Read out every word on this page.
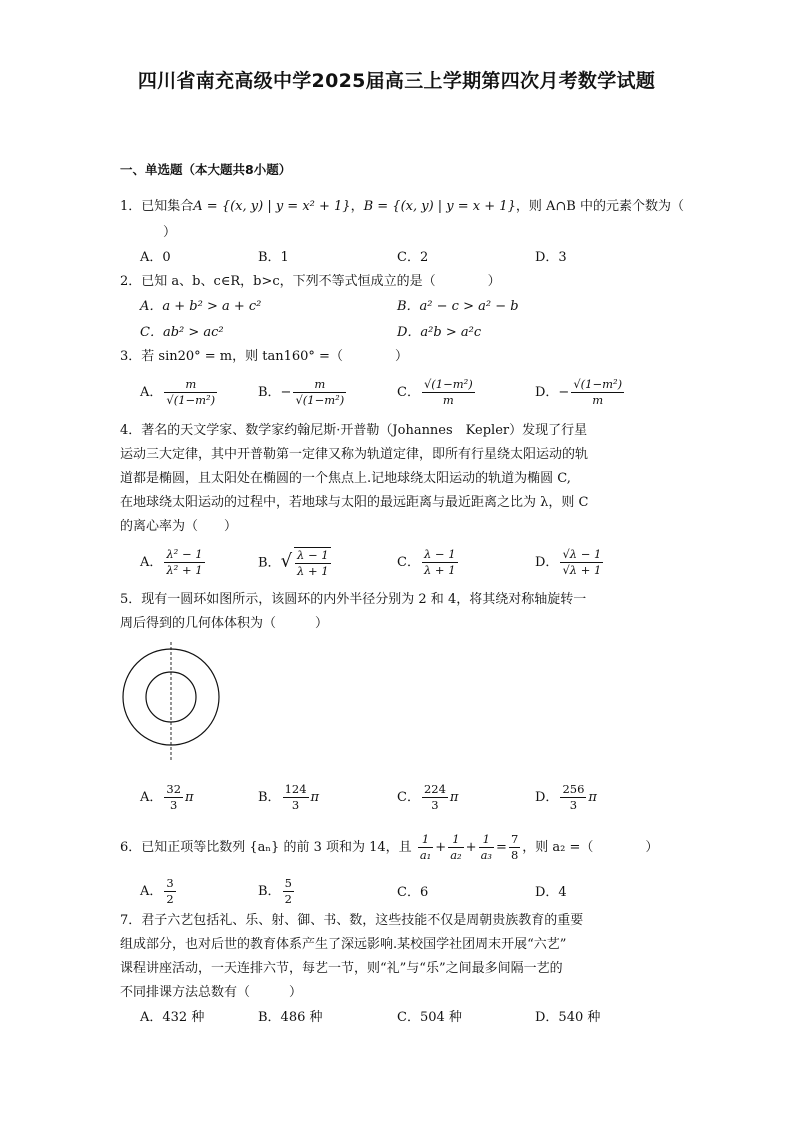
四川省南充高级中学2025届高三上学期第四次月考数学试题
一、单选题（本大题共8小题）
1．已知集合A = {(x, y) | y = x² + 1}，B = {(x, y) | y = x + 1}，则 A∩B 中的元素个数为（
）
A．0	B．1	C．2	D．3
2．已知 a、b、c∈R，b>c，下列不等式恒成立的是（　　　　）
A．a + b² > a + c²	B．a² − c > a² − b
C．ab² > ac²	D．a²b > a²c
3．若 sin20° = m，则 tan160° =（　　　　）
A． $\frac{m}{\text{√(1−m²)}}$	B．− $\frac{m}{\text{√(1−m²)}}$	C． $\frac{\text{√(1−m²)}}{m}$	D．− $\frac{\text{√(1−m²)}}{m}$
4．著名的天文学家、数学家约翰尼斯·开普勒（Johannes　Kepler）发现了行星
运动三大定律，其中开普勒第一定律又称为轨道定律，即所有行星绕太阳运动的轨
道都是椭圆，且太阳处在椭圆的一个焦点上.记地球绕太阳运动的轨道为椭圆 C,
在地球绕太阳运动的过程中，若地球与太阳的最远距离与最近距离之比为 λ，则 C
的离心率为（　　）
A． $\frac{\text{λ² − 1}}{\text{λ² + 1}}$	B．√ $\frac{\lambda - 1}{\lambda + 1}$	C． $\frac{\lambda - 1}{\lambda + 1}$	D． $\frac{√\lambda - 1}{√\lambda + 1}$
5．现有一圆环如图所示，该圆环的内外半径分别为 2 和 4，将其绕对称轴旋转一
周后得到的几何体体积为（　　　）
A． $\frac{32}{3}$ π	B． $\frac{124}{3}$ π	C． $\frac{224}{3}$ π	D． $\frac{256}{3}$ π
6．已知正项等比数列 {aₙ} 的前 3 项和为 14，且 $\frac{1}{\text{a₁}} + \frac{1}{\text{a₂}} + \frac{1}{\text{a₃}} = \frac{7}{8}$ ，则 a₂ =（　　　　）
A． $\frac{3}{2}$	B． $\frac{5}{2}$	C．6	D．4
7．君子六艺包括礼、乐、射、御、书、数，这些技能不仅是周朝贵族教育的重要
组成部分，也对后世的教育体系产生了深远影响.某校国学社团周末开展“六艺”
课程讲座活动，一天连排六节，每艺一节，则“礼”与“乐”之间最多间隔一艺的
不同排课方法总数有（　　　）
A．432 种	B．486 种	C．504 种	D．540 种
